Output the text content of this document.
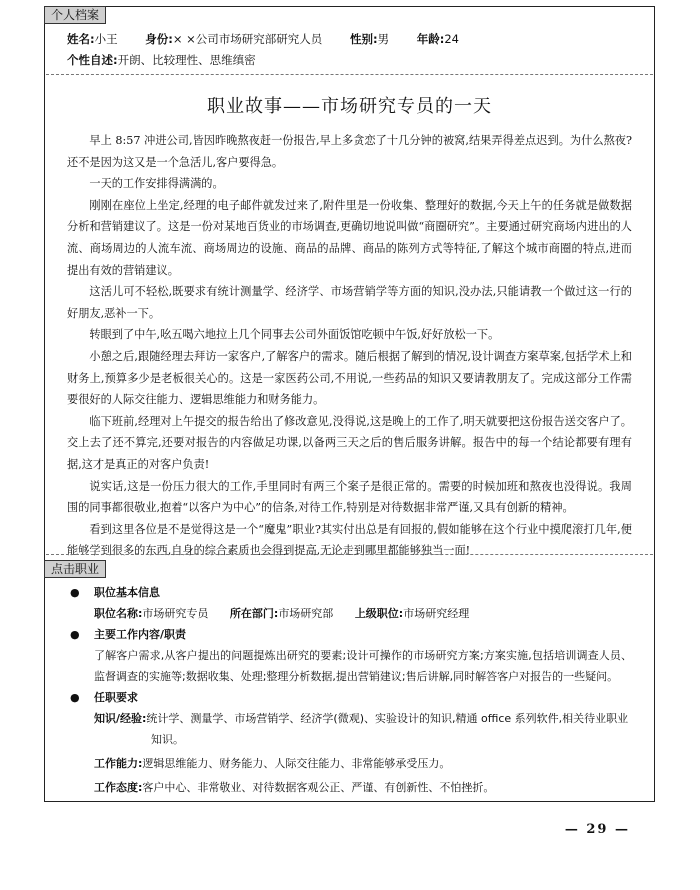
个人档案
姓名:小王 身份:× ×公司市场研究部研究人员 性别:男 年龄:24
个性自述:开朗、比较理性、思维缜密
职业故事——市场研究专员的一天

早上 8:57 冲进公司,皆因昨晚熬夜赶一份报告,早上多贪恋了十几分钟的被窝,结果弄得差点迟到。为什么熬夜?还不是因为这又是一个急活儿,客户要得急。

一天的工作安排得满满的。

刚刚在座位上坐定,经理的电子邮件就发过来了,附件里是一份收集、整理好的数据,今天上午的任务就是做数据分析和营销建议了。这是一份对某地百货业的市场调查,更确切地说叫做“商圈研究”。主要通过研究商场内进出的人流、商场周边的人流车流、商场周边的设施、商品的品牌、商品的陈列方式等特征,了解这个城市商圈的特点,进而提出有效的营销建议。

这活儿可不轻松,既要求有统计测量学、经济学、市场营销学等方面的知识,没办法,只能请教一个做过这一行的好朋友,恶补一下。

转眼到了中午,吆五喝六地拉上几个同事去公司外面饭馆吃顿中午饭,好好放松一下。

小憩之后,跟随经理去拜访一家客户,了解客户的需求。随后根据了解到的情况,设计调查方案草案,包括学术上和财务上,预算多少是老板很关心的。这是一家医药公司,不用说,一些药品的知识又要请教朋友了。完成这部分工作需要很好的人际交往能力、逻辑思维能力和财务能力。

临下班前,经理对上午提交的报告给出了修改意见,没得说,这是晚上的工作了,明天就要把这份报告送交客户了。交上去了还不算完,还要对报告的内容做足功课,以备两三天之后的售后服务讲解。报告中的每一个结论都要有理有据,这才是真正的对客户负责!

说实话,这是一份压力很大的工作,手里同时有两三个案子是很正常的。需要的时候加班和熬夜也没得说。我周围的同事都很敬业,抱着“以客户为中心”的信条,对待工作,特别是对待数据非常严谨,又具有创新的精神。

看到这里各位是不是觉得这是一个“魔鬼”职业?其实付出总是有回报的,假如能够在这个行业中摸爬滚打几年,便能够学到很多的东西,自身的综合素质也会得到提高,无论走到哪里都能够独当一面!

点击职业
● 职位基本信息
职位名称:市场研究专员 所在部门:市场研究部 上级职位:市场研究经理
● 主要工作内容/职责
了解客户需求,从客户提出的问题提炼出研究的要素;设计可操作的市场研究方案;方案实施,包括培训调查人员、监督调查的实施等;数据收集、处理;整理分析数据,提出营销建议;售后讲解,同时解答客户对报告的一些疑问。
● 任职要求
知识/经验:统计学、测量学、市场营销学、经济学(微观)、实验设计的知识,精通 office 系列软件,相关待业职业知识。
工作能力:逻辑思维能力、财务能力、人际交往能力、非常能够承受压力。
工作态度:客户中心、非常敬业、对待数据客观公正、严谨、有创新性、不怕挫折。
— 29 —
